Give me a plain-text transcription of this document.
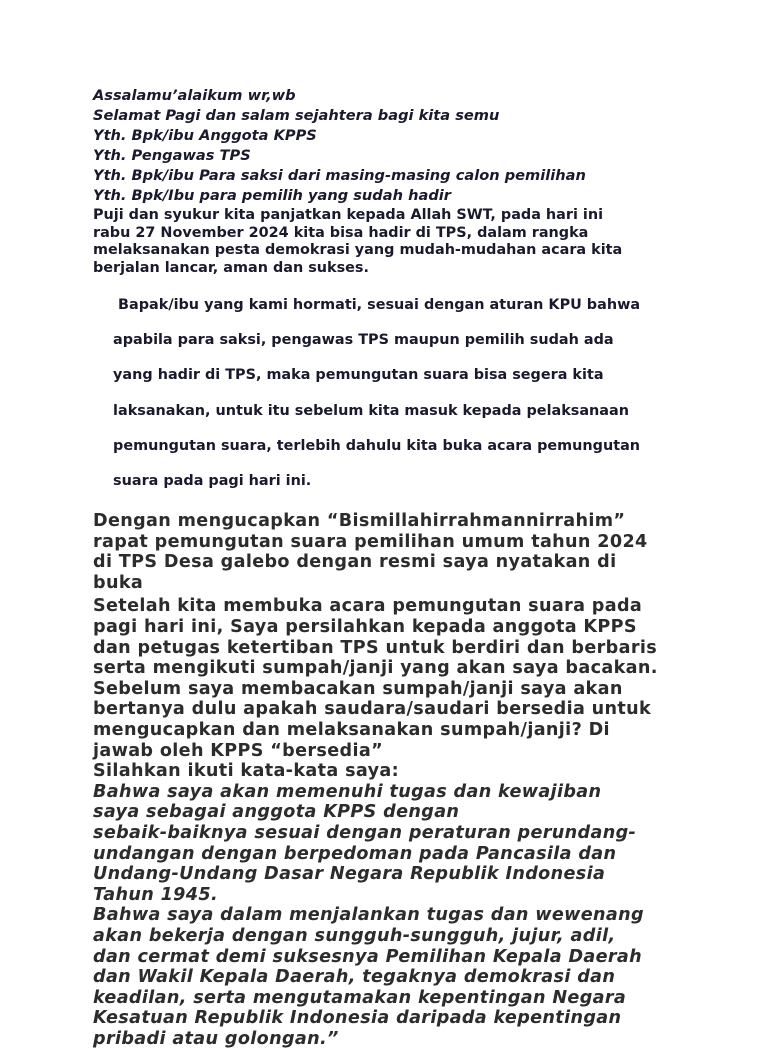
Assalamu’alaikum wr,wb
Selamat Pagi dan salam sejahtera bagi kita semu
Yth. Bpk/ibu Anggota KPPS
Yth. Pengawas TPS
Yth. Bpk/ibu Para saksi dari masing-masing calon pemilihan
Yth. Bpk/Ibu para pemilih yang sudah hadir

Puji dan syukur kita panjatkan kepada Allah SWT, pada hari ini
rabu 27 November 2024 kita bisa hadir di TPS, dalam rangka
melaksanakan pesta demokrasi yang mudah-mudahan acara kita
berjalan lancar, aman dan sukses.

Bapak/ibu yang kami hormati, sesuai dengan aturan KPU bahwa

apabila para saksi, pengawas TPS maupun pemilih sudah ada

yang hadir di TPS, maka pemungutan suara bisa segera kita

laksanakan, untuk itu sebelum kita masuk kepada pelaksanaan

pemungutan suara, terlebih dahulu kita buka acara pemungutan

suara pada pagi hari ini.

Dengan mengucapkan “Bismillahirrahmannirrahim”
rapat pemungutan suara pemilihan umum tahun 2024
di TPS Desa galebo dengan resmi saya nyatakan di
buka

Setelah kita membuka acara pemungutan suara pada
pagi hari ini, Saya persilahkan kepada anggota KPPS
dan petugas ketertiban TPS untuk berdiri dan berbaris
serta mengikuti sumpah/janji yang akan saya bacakan.
Sebelum saya membacakan sumpah/janji saya akan
bertanya dulu apakah saudara/saudari bersedia untuk
mengucapkan dan melaksanakan sumpah/janji? Di
jawab oleh KPPS “bersedia”
Silahkan ikuti kata-kata saya:

Bahwa saya akan memenuhi tugas dan kewajiban
saya sebagai anggota KPPS dengan
sebaik-baiknya sesuai dengan peraturan perundang-
undangan dengan berpedoman pada Pancasila dan
Undang-Undang Dasar Negara Republik Indonesia
Tahun 1945.
Bahwa saya dalam menjalankan tugas dan wewenang
akan bekerja dengan sungguh-sungguh, jujur, adil,
dan cermat demi suksesnya Pemilihan Kepala Daerah
dan Wakil Kepala Daerah, tegaknya demokrasi dan
keadilan, serta mengutamakan kepentingan Negara
Kesatuan Republik Indonesia daripada kepentingan
pribadi atau golongan.”
